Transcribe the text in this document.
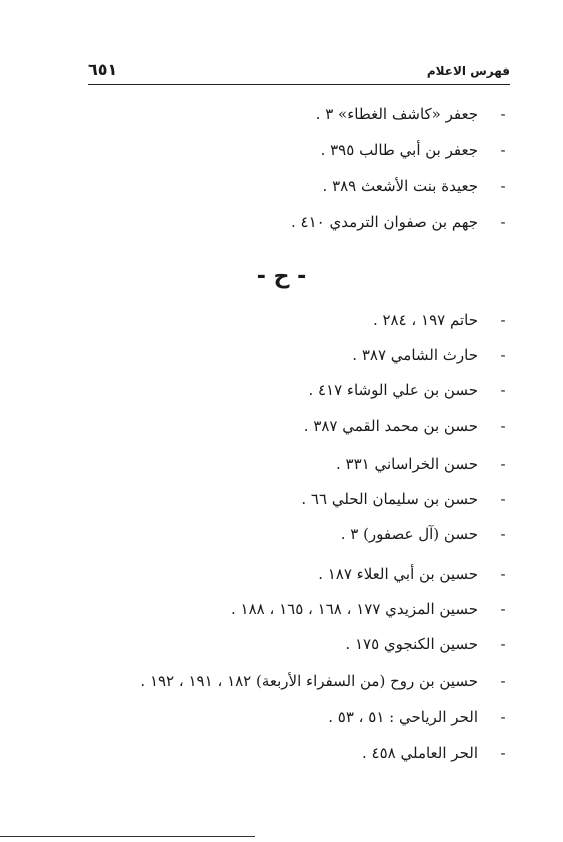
فهرس الاعلام
٦٥١
-
جعفر «كاشف الغطاء» ٣ .
-
جعفر بن أبي طالب ٣٩٥ .
-
جعيدة بنت الأشعث ٣٨٩ .
-
جهم بن صفوان الترمدي ٤١٠ .
- ح -
-
حاتم ١٩٧ ، ٢٨٤ .
-
حارث الشامي ٣٨٧ .
-
حسن بن علي الوشاء ٤١٧ .
-
حسن بن محمد القمي ٣٨٧ .
-
حسن الخراساني ٣٣١ .
-
حسن بن سليمان الحلي ٦٦ .
-
حسن (آل عصفور) ٣ .
-
حسين بن أبي العلاء ١٨٧ .
-
حسين المزيدي ١٧٧ ، ١٦٨ ، ١٦٥ ، ١٨٨ .
-
حسين الكنجوي ١٧٥ .
-
حسين بن روح (من السفراء الأربعة) ١٨٢ ، ١٩١ ، ١٩٢ .
-
الحر الرياحي : ٥١ ، ٥٣ .
-
الحر العاملي ٤٥٨ .
